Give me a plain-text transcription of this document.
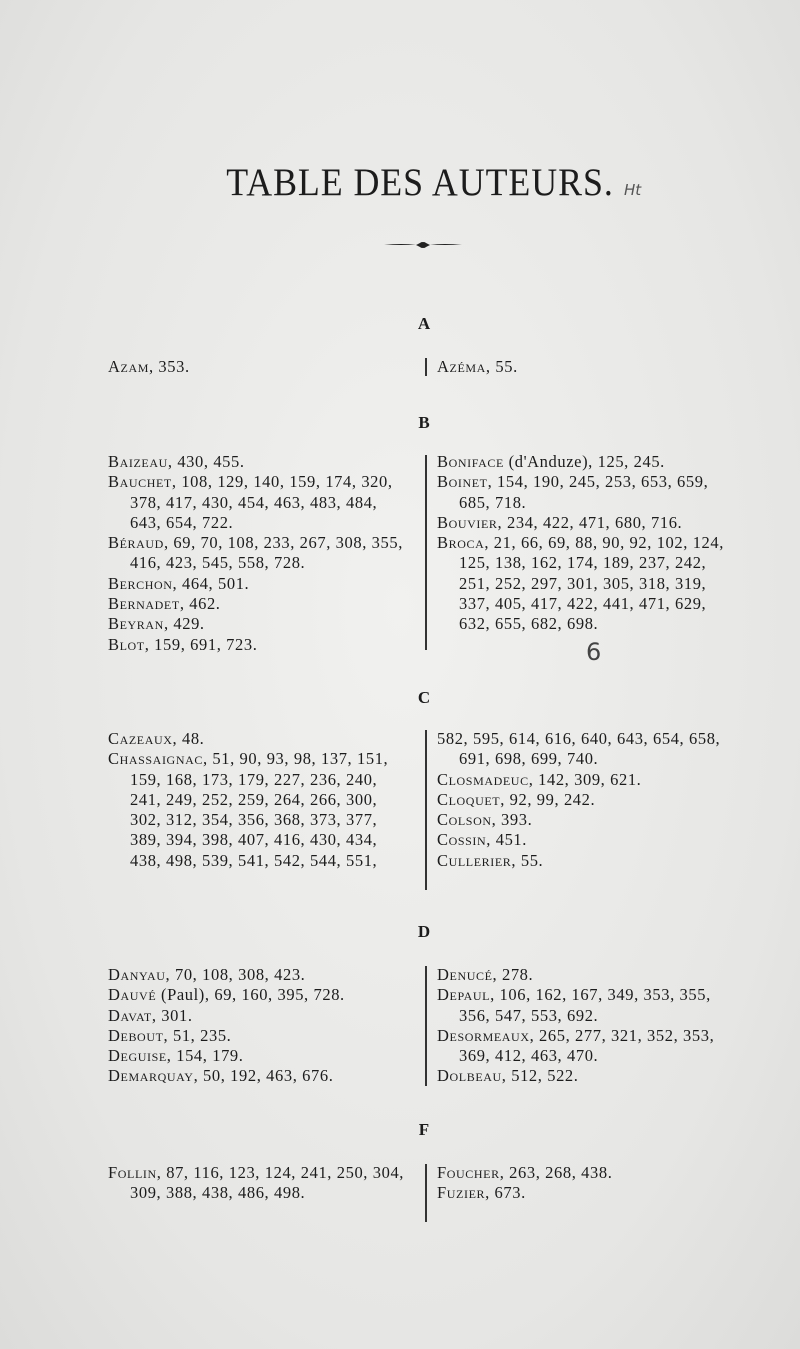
TABLE DES AUTEURS. Ht
A
Azam, 353.	Azéma, 55.
B
Baizeau, 430, 455.
Bauchet, 108, 129, 140, 159, 174, 320, 378, 417, 430, 454, 463, 483, 484, 643, 654, 722.
Béraud, 69, 70, 108, 233, 267, 308, 355, 416, 423, 545, 558, 728.
Berchon, 464, 501.
Bernadet, 462.
Beyran, 429.
Blot, 159, 691, 723.
Boniface (d'Anduze), 125, 245.
Boinet, 154, 190, 245, 253, 653, 659, 685, 718.
Bouvier, 234, 422, 471, 680, 716.
Broca, 21, 66, 69, 88, 90, 92, 102, 124, 125, 138, 162, 174, 189, 237, 242, 251, 252, 297, 301, 305, 318, 319, 337, 405, 417, 422, 441, 471, 629, 632, 655, 682, 698.
6
C
Cazeaux, 48.
Chassaignac, 51, 90, 93, 98, 137, 151, 159, 168, 173, 179, 227, 236, 240, 241, 249, 252, 259, 264, 266, 300, 302, 312, 354, 356, 368, 373, 377, 389, 394, 398, 407, 416, 430, 434, 438, 498, 539, 541, 542, 544, 551,
582, 595, 614, 616, 640, 643, 654, 658, 691, 698, 699, 740.
Closmadeuc, 142, 309, 621.
Cloquet, 92, 99, 242.
Colson, 393.
Cossin, 451.
Cullerier, 55.
D
Danyau, 70, 108, 308, 423.
Dauvé (Paul), 69, 160, 395, 728.
Davat, 301.
Debout, 51, 235.
Deguise, 154, 179.
Demarquay, 50, 192, 463, 676.
Denucé, 278.
Depaul, 106, 162, 167, 349, 353, 355, 356, 547, 553, 692.
Desormeaux, 265, 277, 321, 352, 353, 369, 412, 463, 470.
Dolbeau, 512, 522.
F
Follin, 87, 116, 123, 124, 241, 250, 304, 309, 388, 438, 486, 498.
Foucher, 263, 268, 438.
Fuzier, 673.
